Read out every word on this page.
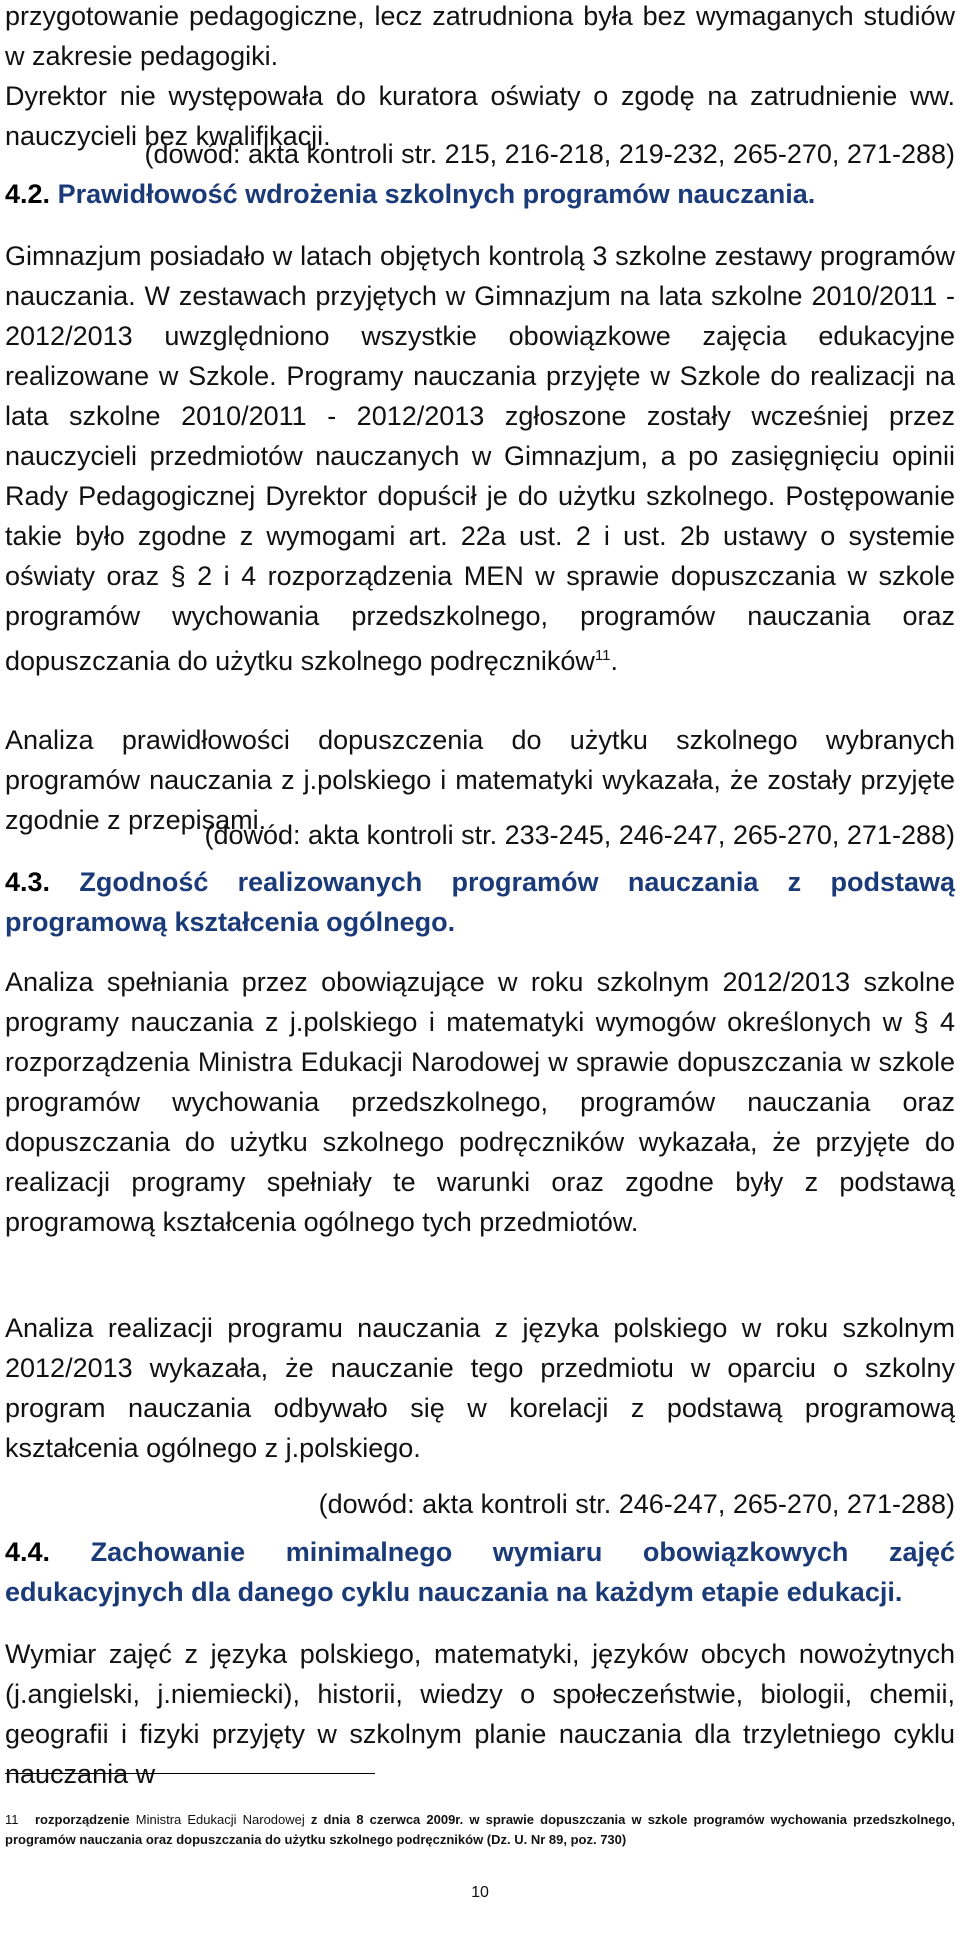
przygotowanie pedagogiczne, lecz zatrudniona była bez wymaganych studiów w zakresie pedagogiki.

Dyrektor nie występowała do kuratora oświaty o zgodę na zatrudnienie ww. nauczycieli bez kwalifikacji.

(dowód: akta kontroli str. 215, 216-218, 219-232, 265-270, 271-288)

4.2. Prawidłowość wdrożenia szkolnych programów nauczania.

Gimnazjum posiadało w latach objętych kontrolą 3 szkolne zestawy programów nauczania. W zestawach przyjętych w Gimnazjum na lata szkolne 2010/2011 - 2012/2013 uwzględniono wszystkie obowiązkowe zajęcia edukacyjne realizowane w Szkole. Programy nauczania przyjęte w Szkole do realizacji na lata szkolne 2010/2011 - 2012/2013 zgłoszone zostały wcześniej przez nauczycieli przedmiotów nauczanych w Gimnazjum, a po zasięgnięciu opinii Rady Pedagogicznej Dyrektor dopuścił je do użytku szkolnego. Postępowanie takie było zgodne z wymogami art. 22a ust. 2 i ust. 2b ustawy o systemie oświaty oraz § 2 i 4 rozporządzenia MEN w sprawie dopuszczania w szkole programów wychowania przedszkolnego, programów nauczania oraz dopuszczania do użytku szkolnego podręczników$^{11}$.

Analiza prawidłowości dopuszczenia do użytku szkolnego wybranych programów nauczania z j.polskiego i matematyki wykazała, że zostały przyjęte zgodnie z przepisami.

(dowód: akta kontroli str. 233-245, 246-247, 265-270, 271-288)

4.3. Zgodność realizowanych programów nauczania z podstawą programową kształcenia ogólnego.

Analiza spełniania przez obowiązujące w roku szkolnym 2012/2013 szkolne programy nauczania z j.polskiego i matematyki wymogów określonych w § 4 rozporządzenia Ministra Edukacji Narodowej w sprawie dopuszczania w szkole programów wychowania przedszkolnego, programów nauczania oraz dopuszczania do użytku szkolnego podręczników wykazała, że przyjęte do realizacji programy spełniały te warunki oraz zgodne były z podstawą programową kształcenia ogólnego tych przedmiotów.

Analiza realizacji programu nauczania z języka polskiego w roku szkolnym 2012/2013 wykazała, że nauczanie tego przedmiotu w oparciu o szkolny program nauczania odbywało się w korelacji z podstawą programową kształcenia ogólnego z j.polskiego.

(dowód: akta kontroli str. 246-247, 265-270, 271-288)

4.4. Zachowanie minimalnego wymiaru obowiązkowych zajęć edukacyjnych dla danego cyklu nauczania na każdym etapie edukacji.

Wymiar zajęć z języka polskiego, matematyki, języków obcych nowożytnych (j.angielski, j.niemiecki), historii, wiedzy o społeczeństwie, biologii, chemii, geografii i fizyki przyjęty w szkolnym planie nauczania dla trzyletniego cyklu nauczania w

11 rozporządzenie Ministra Edukacji Narodowej z dnia 8 czerwca 2009r. w sprawie dopuszczania w szkole programów wychowania przedszkolnego, programów nauczania oraz dopuszczania do użytku szkolnego podręczników (Dz. U. Nr 89, poz. 730)

10
